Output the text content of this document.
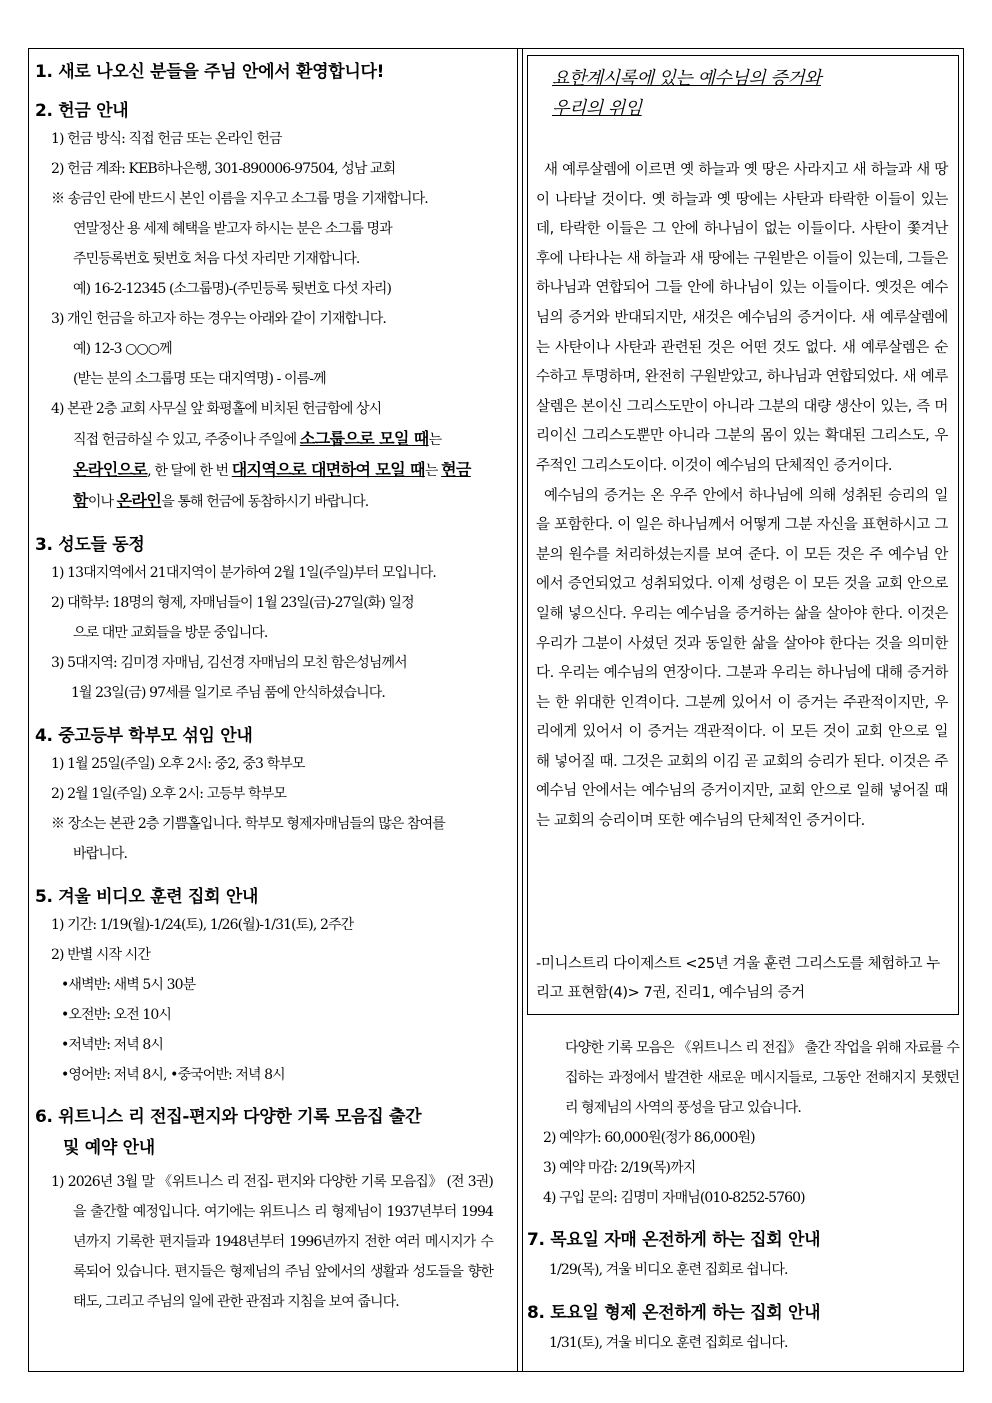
1. 새로 나오신 분들을 주님 안에서 환영합니다!
2. 헌금 안내
1) 헌금 방식: 직접 헌금 또는 온라인 헌금
2) 헌금 계좌: KEB하나은행, 301-890006-97504, 성남 교회
※ 송금인 란에 반드시 본인 이름을 지우고 소그룹 명을 기재합니다.
연말정산 용 세제 혜택을 받고자 하시는 분은 소그룹 명과
주민등록번호 뒷번호 처음 다섯 자리만 기재합니다.
예) 16-2-12345 (소그룹명)-(주민등록 뒷번호 다섯 자리)
3) 개인 헌금을 하고자 하는 경우는 아래와 같이 기재합니다.
예) 12-3 ○○○께
(받는 분의 소그룹명 또는 대지역명) - 이름-께
4) 본관 2층 교회 사무실 앞 화평홀에 비치된 헌금함에 상시
직접 헌금하실 수 있고, 주중이나 주일에 소그룹으로 모일 때는
온라인으로, 한 달에 한 번 대지역으로 대면하여 모일 때는 현금
함이나 온라인을 통해 헌금에 동참하시기 바랍니다.
3. 성도들 동정
1) 13대지역에서 21대지역이 분가하여 2월 1일(주일)부터 모입니다.
2) 대학부: 18명의 형제, 자매님들이 1월 23일(금)-27일(화) 일정
으로 대만 교회들을 방문 중입니다.
3) 5대지역: 김미경 자매님, 김선경 자매님의 모친 함은성님께서
1월 23일(금) 97세를 일기로 주님 품에 안식하셨습니다.
4. 중고등부 학부모 섞임 안내
1) 1월 25일(주일) 오후 2시: 중2, 중3 학부모
2) 2월 1일(주일) 오후 2시: 고등부 학부모
※ 장소는 본관 2층 기쁨홀입니다. 학부모 형제자매님들의 많은 참여를
바랍니다.
5. 겨울 비디오 훈련 집회 안내
1) 기간: 1/19(월)-1/24(토), 1/26(월)-1/31(토), 2주간
2) 반별 시작 시간
•새벽반: 새벽 5시 30분
•오전반: 오전 10시
•저녁반: 저녁 8시
•영어반: 저녁 8시, •중국어반: 저녁 8시
6. 위트니스 리 전집-편지와 다양한 기록 모음집 출간
및 예약 안내
1) 2026년 3월 말 《위트니스 리 전집- 편지와 다양한 기록 모음집》 (전 3권)을 출간할 예정입니다. 여기에는 위트니스 리 형제님이 1937년부터 1994년까지 기록한 편지들과 1948년부터 1996년까지 전한 여러 메시지가 수록되어 있습니다. 편지들은 형제님의 주님 앞에서의 생활과 성도들을 향한 태도, 그리고 주님의 일에 관한 관점과 지침을 보여 줍니다.
요한계시록에 있는 예수님의 증거와
우리의 위임

새 예루살렘에 이르면 옛 하늘과 옛 땅은 사라지고 새 하늘과 새 땅이 나타날 것이다. 옛 하늘과 옛 땅에는 사탄과 타락한 이들이 있는데, 타락한 이들은 그 안에 하나님이 없는 이들이다. 사탄이 쫓겨난 후에 나타나는 새 하늘과 새 땅에는 구원받은 이들이 있는데, 그들은 하나님과 연합되어 그들 안에 하나님이 있는 이들이다. 옛것은 예수님의 증거와 반대되지만, 새것은 예수님의 증거이다. 새 예루살렘에는 사탄이나 사탄과 관련된 것은 어떤 것도 없다. 새 예루살렘은 순수하고 투명하며, 완전히 구원받았고, 하나님과 연합되었다. 새 예루살렘은 본이신 그리스도만이 아니라 그분의 대량 생산이 있는, 즉 머리이신 그리스도뿐만 아니라 그분의 몸이 있는 확대된 그리스도, 우주적인 그리스도이다. 이것이 예수님의 단체적인 증거이다.

예수님의 증거는 온 우주 안에서 하나님에 의해 성취된 승리의 일을 포함한다. 이 일은 하나님께서 어떻게 그분 자신을 표현하시고 그분의 원수를 처리하셨는지를 보여 준다. 이 모든 것은 주 예수님 안에서 증언되었고 성취되었다. 이제 성령은 이 모든 것을 교회 안으로 일해 넣으신다. 우리는 예수님을 증거하는 삶을 살아야 한다. 이것은 우리가 그분이 사셨던 것과 동일한 삶을 살아야 한다는 것을 의미한다. 우리는 예수님의 연장이다. 그분과 우리는 하나님에 대해 증거하는 한 위대한 인격이다. 그분께 있어서 이 증거는 주관적이지만, 우리에게 있어서 이 증거는 객관적이다. 이 모든 것이 교회 안으로 일해 넣어질 때. 그것은 교회의 이김 곧 교회의 승리가 된다. 이것은 주 예수님 안에서는 예수님의 증거이지만, 교회 안으로 일해 넣어질 때는 교회의 승리이며 또한 예수님의 단체적인 증거이다.

-미니스트리 다이제스트 <25년 겨울 훈련 그리스도를 체험하고 누리고 표현함(4)> 7권, 진리1, 예수님의 증거
다양한 기록 모음은 《위트니스 리 전집》 출간 작업을 위해 자료를 수집하는 과정에서 발견한 새로운 메시지들로, 그동안 전해지지 못했던 리 형제님의 사역의 풍성을 담고 있습니다.
2) 예약가: 60,000원(정가 86,000원)
3) 예약 마감: 2/19(목)까지
4) 구입 문의: 김명미 자매님(010-8252-5760)
7. 목요일 자매 온전하게 하는 집회 안내
1/29(목), 겨울 비디오 훈련 집회로 쉽니다.
8. 토요일 형제 온전하게 하는 집회 안내
1/31(토), 겨울 비디오 훈련 집회로 쉽니다.
